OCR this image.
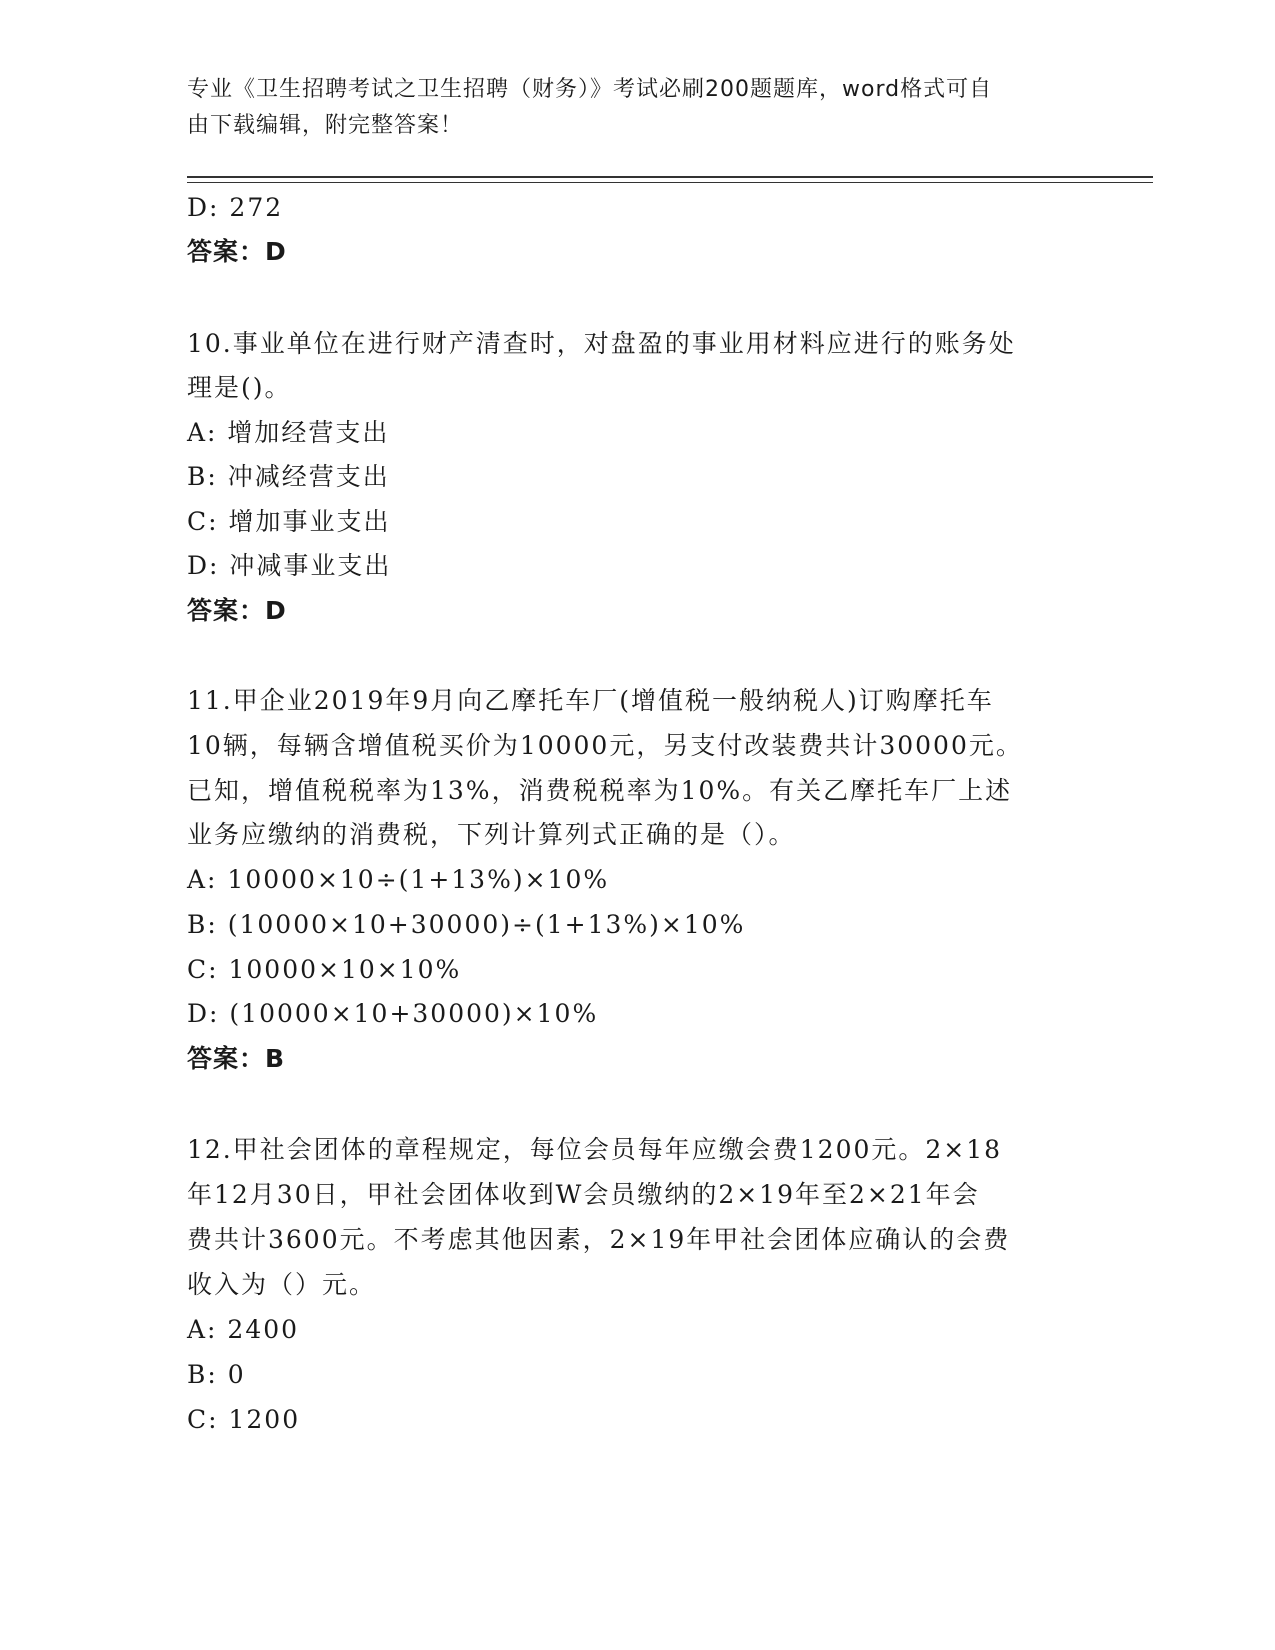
专业《卫生招聘考试之卫生招聘（财务）》考试必刷200题题库，word格式可自
由下载编辑，附完整答案！
D: 272
答案：D
10.事业单位在进行财产清查时，对盘盈的事业用材料应进行的账务处
理是()。
A: 增加经营支出
B: 冲减经营支出
C: 增加事业支出
D: 冲减事业支出
答案：D
11.甲企业2019年9月向乙摩托车厂(增值税一般纳税人)订购摩托车
10辆，每辆含增值税买价为10000元，另支付改装费共计30000元。
已知，增值税税率为13%，消费税税率为10%。有关乙摩托车厂上述
业务应缴纳的消费税，下列计算列式正确的是（）。
A: 10000×10÷(1+13%)×10%
B: (10000×10+30000)÷(1+13%)×10%
C: 10000×10×10%
D: (10000×10+30000)×10%
答案：B
12.甲社会团体的章程规定，每位会员每年应缴会费1200元。2×18
年12月30日，甲社会团体收到W会员缴纳的2×19年至2×21年会
费共计3600元。不考虑其他因素，2×19年甲社会团体应确认的会费
收入为（）元。
A: 2400
B: 0
C: 1200
